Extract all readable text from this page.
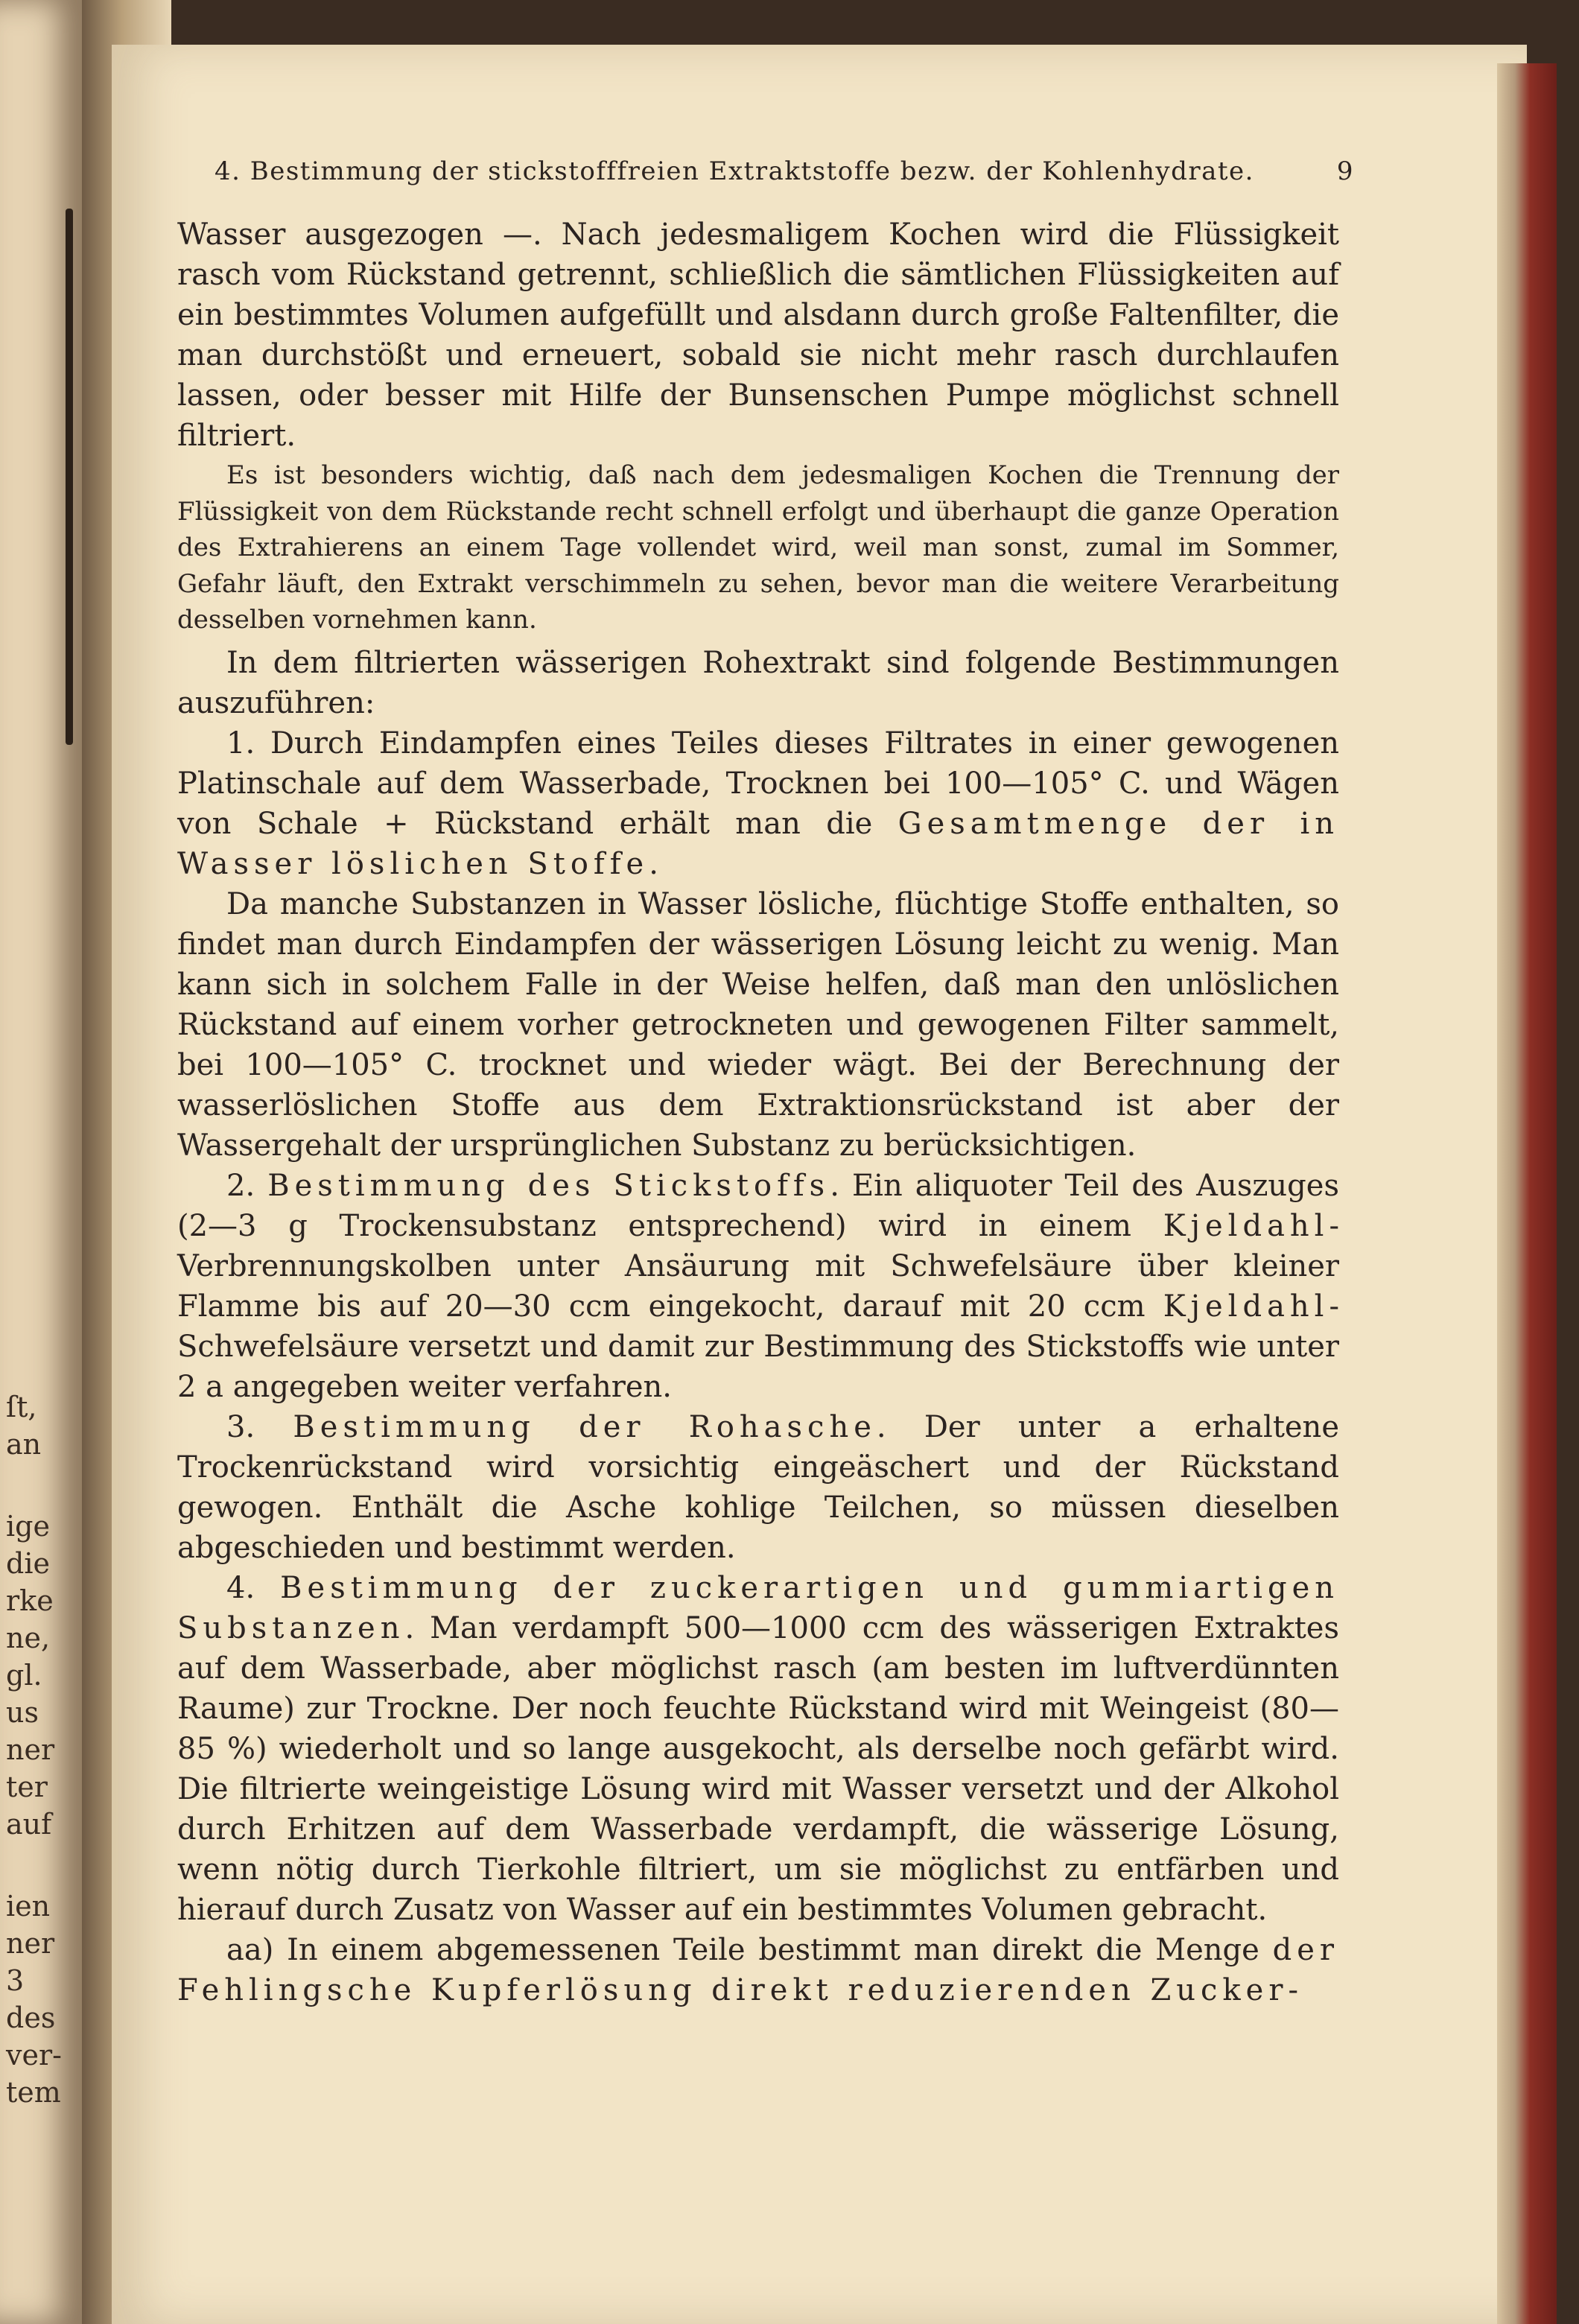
ſt,
an
ige
die
rke
ne,
gl.
us
ner
ter
auf
ien
ner
3
des
ver-
tem
4. Bestimmung der stickstofffreien Extraktstoffe bezw. der Kohlenhydrate.	9

Wasser ausgezogen —. Nach jedesmaligem Kochen wird die Flüssigkeit rasch vom Rückstand getrennt, schließlich die sämtlichen Flüssigkeiten auf ein bestimmtes Volumen aufgefüllt und alsdann durch große Faltenfilter, die man durchstößt und erneuert, sobald sie nicht mehr rasch durchlaufen lassen, oder besser mit Hilfe der Bunsenschen Pumpe möglichst schnell filtriert.

Es ist besonders wichtig, daß nach dem jedesmaligen Kochen die Trennung der Flüssigkeit von dem Rückstande recht schnell erfolgt und überhaupt die ganze Operation des Extrahierens an einem Tage vollendet wird, weil man sonst, zumal im Sommer, Gefahr läuft, den Extrakt verschimmeln zu sehen, bevor man die weitere Verarbeitung desselben vornehmen kann.

In dem filtrierten wässerigen Rohextrakt sind folgende Bestimmungen auszuführen:

1. Durch Eindampfen eines Teiles dieses Filtrates in einer gewogenen Platinschale auf dem Wasserbade, Trocknen bei 100—105° C. und Wägen von Schale + Rückstand erhält man die Gesamtmenge der in Wasser löslichen Stoffe.

Da manche Substanzen in Wasser lösliche, flüchtige Stoffe enthalten, so findet man durch Eindampfen der wässerigen Lösung leicht zu wenig. Man kann sich in solchem Falle in der Weise helfen, daß man den unlöslichen Rückstand auf einem vorher getrockneten und gewogenen Filter sammelt, bei 100—105° C. trocknet und wieder wägt. Bei der Berechnung der wasserlöslichen Stoffe aus dem Extraktionsrückstand ist aber der Wassergehalt der ursprünglichen Substanz zu berücksichtigen.

2. Bestimmung des Stickstoffs. Ein aliquoter Teil des Auszuges (2—3 g Trockensubstanz entsprechend) wird in einem Kjeldahl-Verbrennungskolben unter Ansäurung mit Schwefelsäure über kleiner Flamme bis auf 20—30 ccm eingekocht, darauf mit 20 ccm Kjeldahl-Schwefelsäure versetzt und damit zur Bestimmung des Stickstoffs wie unter 2 a angegeben weiter verfahren.

3. Bestimmung der Rohasche. Der unter a erhaltene Trockenrückstand wird vorsichtig eingeäschert und der Rückstand gewogen. Enthält die Asche kohlige Teilchen, so müssen dieselben abgeschieden und bestimmt werden.

4. Bestimmung der zuckerartigen und gummiartigen Substanzen. Man verdampft 500—1000 ccm des wässerigen Extraktes auf dem Wasserbade, aber möglichst rasch (am besten im luftverdünnten Raume) zur Trockne. Der noch feuchte Rückstand wird mit Weingeist (80—85 %) wiederholt und so lange ausgekocht, als derselbe noch gefärbt wird. Die filtrierte weingeistige Lösung wird mit Wasser versetzt und der Alkohol durch Erhitzen auf dem Wasserbade verdampft, die wässerige Lösung, wenn nötig durch Tierkohle filtriert, um sie möglichst zu entfärben und hierauf durch Zusatz von Wasser auf ein bestimmtes Volumen gebracht.

aa) In einem abgemessenen Teile bestimmt man direkt die Menge der Fehlingsche Kupferlösung direkt reduzierenden Zucker-
